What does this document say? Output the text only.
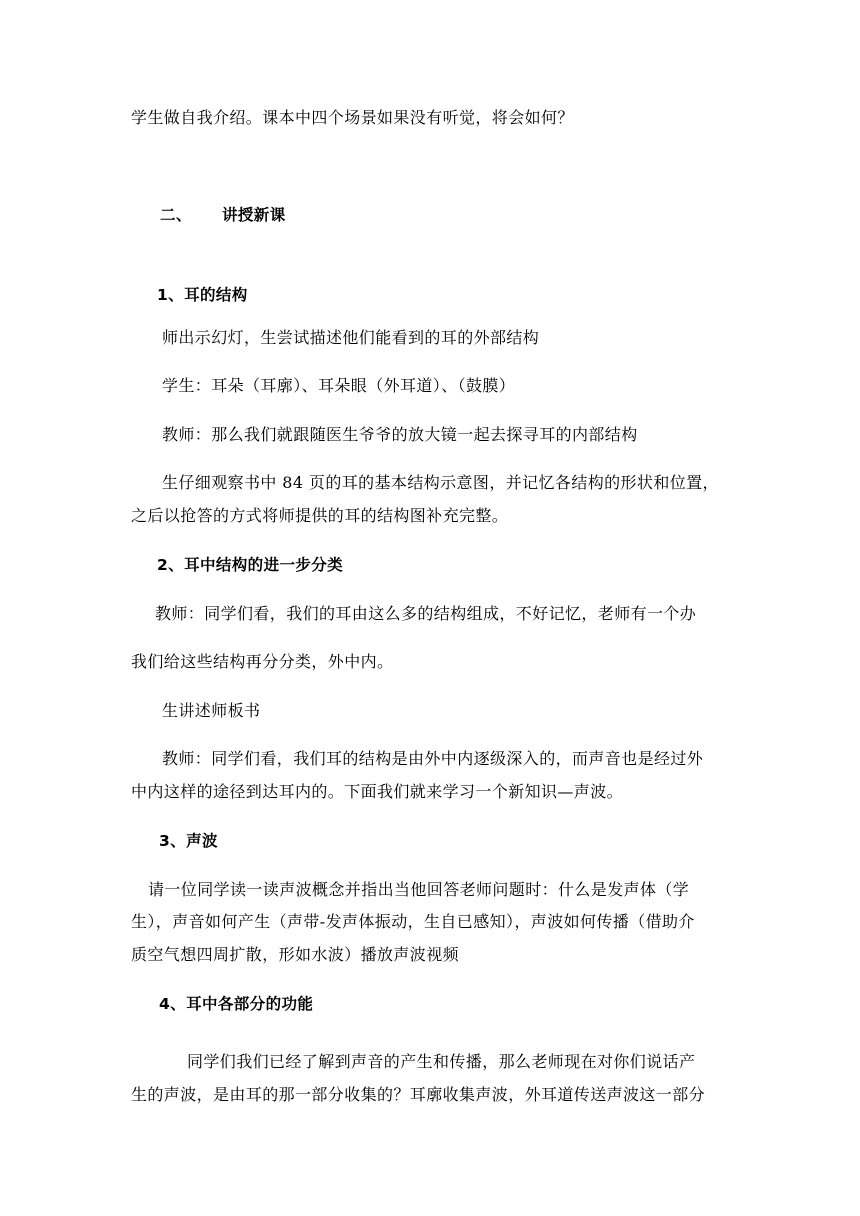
学生做自我介绍。课本中四个场景如果没有听觉，将会如何？

二、 讲授新课

1、耳的结构

师出示幻灯，生尝试描述他们能看到的耳的外部结构

学生：耳朵（耳廓）、耳朵眼（外耳道）、（鼓膜）

教师：那么我们就跟随医生爷爷的放大镜一起去探寻耳的内部结构

生仔细观察书中 84 页的耳的基本结构示意图，并记忆各结构的形状和位置，

之后以抢答的方式将师提供的耳的结构图补充完整。

2、耳中结构的进一步分类

教师：同学们看，我们的耳由这么多的结构组成，不好记忆，老师有一个办

我们给这些结构再分分类，外中内。

生讲述师板书

教师：同学们看，我们耳的结构是由外中内逐级深入的，而声音也是经过外

中内这样的途径到达耳内的。下面我们就来学习一个新知识—声波。

3、声波

请一位同学读一读声波概念并指出当他回答老师问题时：什么是发声体（学

生），声音如何产生（声带-发声体振动，生自已感知），声波如何传播（借助介

质空气想四周扩散，形如水波）播放声波视频

4、耳中各部分的功能

同学们我们已经了解到声音的产生和传播，那么老师现在对你们说话产

生的声波，是由耳的那一部分收集的？耳廓收集声波，外耳道传送声波这一部分
